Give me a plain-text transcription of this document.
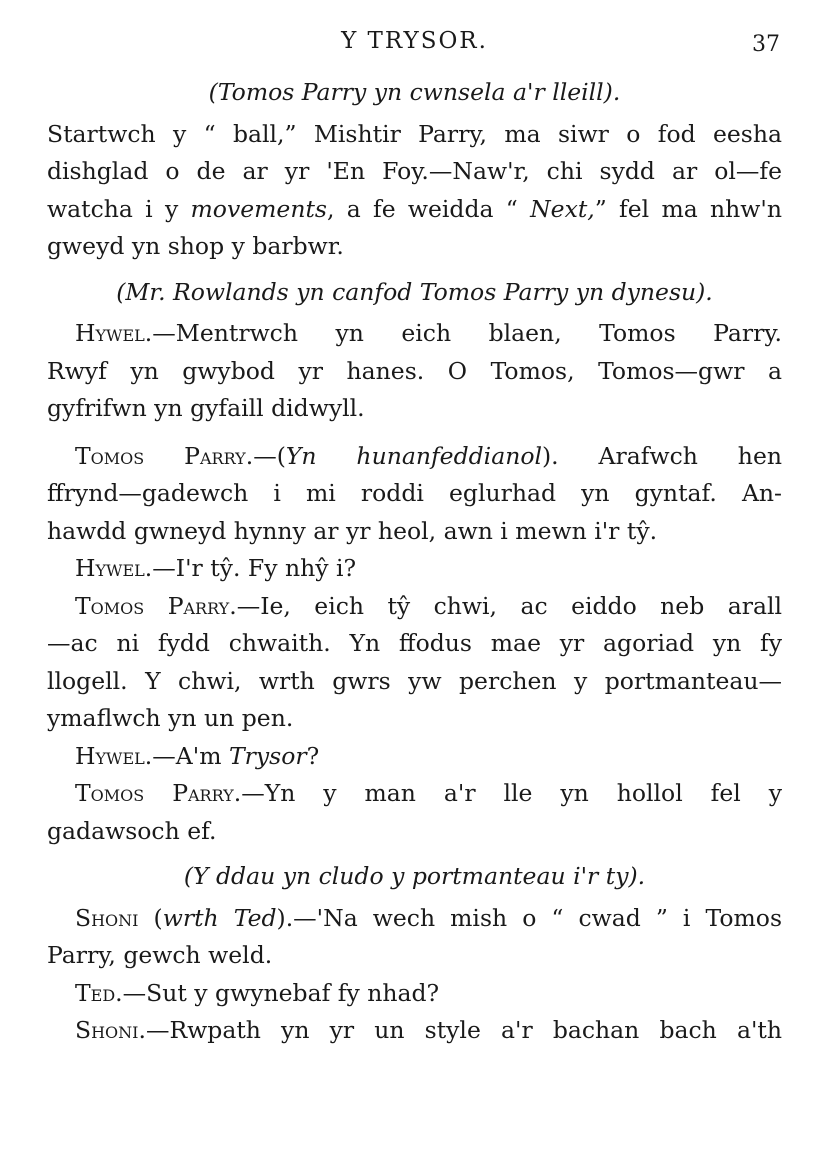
Y TRYSOR.	37
(Tomos Parry yn cwnsela a'r lleill).
Startwch y “ ball,” Mishtir Parry, ma siwr o fod eesha
dishglad o de ar yr 'En Foy.—Naw'r, chi sydd ar ol—fe
watcha i y movements, a fe weidda “ Next,” fel ma nhw'n
gweyd yn shop y barbwr.
(Mr. Rowlands yn canfod Tomos Parry yn dynesu).
Hywel.—Mentrwch yn eich blaen, Tomos Parry.
Rwyf yn gwybod yr hanes. O Tomos, Tomos—gwr a
gyfrifwn yn gyfaill didwyll.
Tomos Parry.—(Yn hunanfeddianol). Arafwch hen
ffrynd—gadewch i mi roddi eglurhad yn gyntaf. An-
hawdd gwneyd hynny ar yr heol, awn i mewn i'r tŷ.
Hywel.—I'r tŷ. Fy nhŷ i?
Tomos Parry.—Ie, eich tŷ chwi, ac eiddo neb arall
—ac ni fydd chwaith. Yn ffodus mae yr agoriad yn fy
llogell. Y chwi, wrth gwrs yw perchen y portmanteau—
ymaflwch yn un pen.
Hywel.—A'm Trysor?
Tomos Parry.—Yn y man a'r lle yn hollol fel y
gadawsoch ef.
(Y ddau yn cludo y portmanteau i'r ty).
Shoni (wrth Ted).—'Na wech mish o “ cwad ” i Tomos
Parry, gewch weld.
Ted.—Sut y gwynebaf fy nhad?
Shoni.—Rwpath yn yr un style a'r bachan bach a'th
